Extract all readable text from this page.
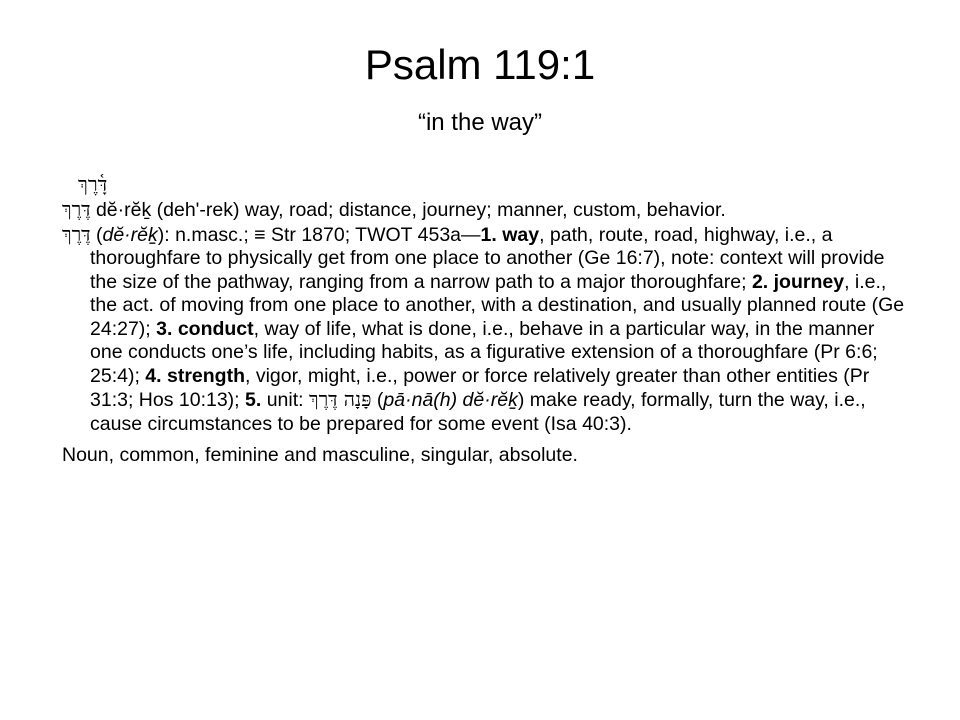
Psalm 119:1
“in the way”
דָּ֫רֶךְ

דֶּרֶךְ dĕ·rĕḵ (deh'-rek) way, road; distance, journey; manner, custom, behavior.

דֶּרֶךְ (dĕ·rĕḵ): n.masc.; ≡ Str 1870; TWOT 453a—1. way, path, route, road, highway, i.e., a thoroughfare to physically get from one place to another (Ge 16:7), note: context will provide the size of the pathway, ranging from a narrow path to a major thoroughfare; 2. journey, i.e., the act. of moving from one place to another, with a destination, and usually planned route (Ge 24:27); 3. conduct, way of life, what is done, i.e., behave in a particular way, in the manner one conducts one’s life, including habits, as a figurative extension of a thoroughfare (Pr 6:6; 25:4); 4. strength, vigor, might, i.e., power or force relatively greater than other entities (Pr 31:3; Hos 10:13); 5. unit: פָּנָה דֶּרֶךְ (pā·nā(h) dĕ·rĕḵ) make ready, formally, turn the way, i.e., cause circumstances to be prepared for some event (Isa 40:3).

Noun, common, feminine and masculine, singular, absolute.
